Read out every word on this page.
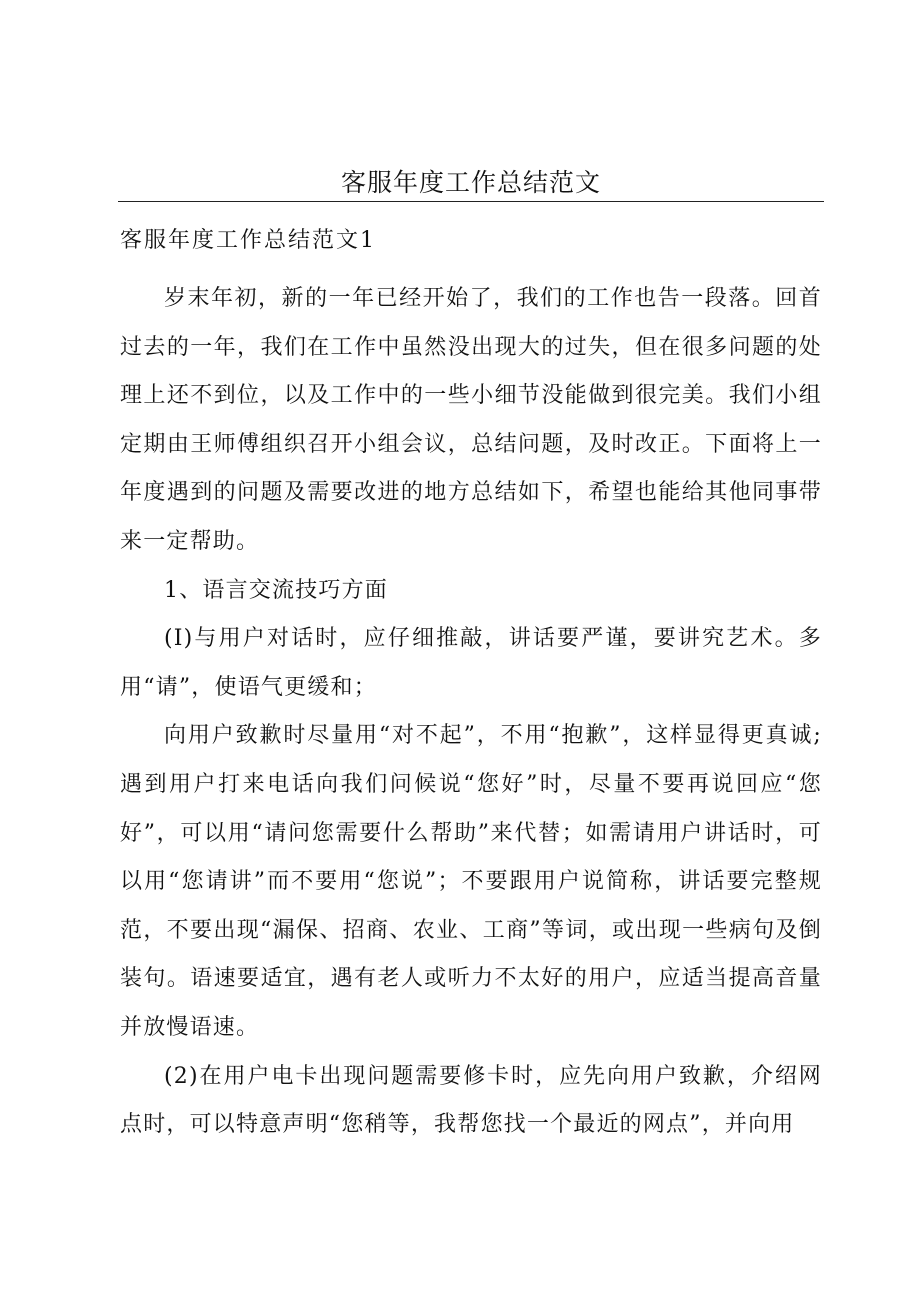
客服年度工作总结范文
客服年度工作总结范文1

岁末年初，新的一年已经开始了，我们的工作也告一段落。回首过去的一年，我们在工作中虽然没出现大的过失，但在很多问题的处理上还不到位，以及工作中的一些小细节没能做到很完美。我们小组定期由王师傅组织召开小组会议，总结问题，及时改正。下面将上一年度遇到的问题及需要改进的地方总结如下，希望也能给其他同事带来一定帮助。

1、语言交流技巧方面

(I)与用户对话时，应仔细推敲，讲话要严谨，要讲究艺术。多用“请”，使语气更缓和；

向用户致歉时尽量用“对不起”，不用“抱歉”，这样显得更真诚;遇到用户打来电话向我们问候说“您好”时，尽量不要再说回应“您好”，可以用“请问您需要什么帮助”来代替；如需请用户讲话时，可以用“您请讲”而不要用“您说”；不要跟用户说简称，讲话要完整规范，不要出现“漏保、招商、农业、工商”等词，或出现一些病句及倒装句。语速要适宜，遇有老人或听力不太好的用户，应适当提高音量并放慢语速。

(2)在用户电卡出现问题需要修卡时，应先向用户致歉，介绍网点时，可以特意声明“您稍等，我帮您找一个最近的网点”，并向用
